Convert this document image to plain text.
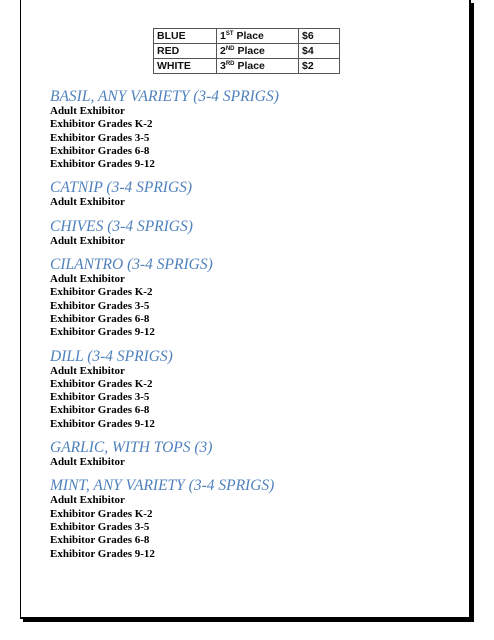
BLUE	1ST Place	$6
RED	2ND Place	$4
WHITE	3RD Place	$2
BASIL, ANY VARIETY (3-4 SPRIGS)
Adult Exhibitor
Exhibitor Grades K-2
Exhibitor Grades 3-5
Exhibitor Grades 6-8
Exhibitor Grades 9-12
CATNIP (3-4 SPRIGS)
Adult Exhibitor
CHIVES (3-4 SPRIGS)
Adult Exhibitor
CILANTRO (3-4 SPRIGS)
Adult Exhibitor
Exhibitor Grades K-2
Exhibitor Grades 3-5
Exhibitor Grades 6-8
Exhibitor Grades 9-12
DILL (3-4 SPRIGS)
Adult Exhibitor
Exhibitor Grades K-2
Exhibitor Grades 3-5
Exhibitor Grades 6-8
Exhibitor Grades 9-12
GARLIC, WITH TOPS (3)
Adult Exhibitor
MINT, ANY VARIETY (3-4 SPRIGS)
Adult Exhibitor
Exhibitor Grades K-2
Exhibitor Grades 3-5
Exhibitor Grades 6-8
Exhibitor Grades 9-12
